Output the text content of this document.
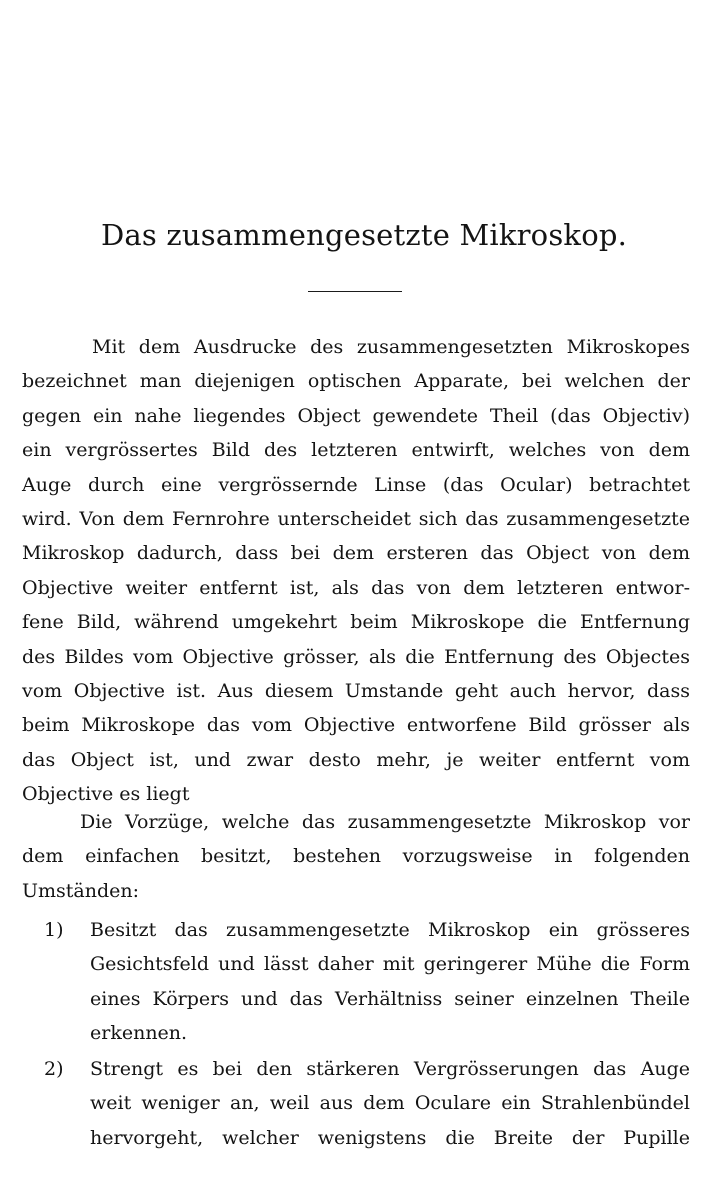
Das zusammengesetzte Mikroskop.
Mit dem Ausdrucke des zusammengesetzten Mikroskopes
bezeichnet man diejenigen optischen Apparate, bei welchen der
gegen ein nahe liegendes Object gewendete Theil (das Objectiv)
ein vergrössertes Bild des letzteren entwirft, welches von dem
Auge durch eine vergrössernde Linse (das Ocular) betrachtet
wird. Von dem Fernrohre unterscheidet sich das zusammengesetzte
Mikroskop dadurch, dass bei dem ersteren das Object von dem
Objective weiter entfernt ist, als das von dem letzteren entwor-
fene Bild, während umgekehrt beim Mikroskope die Entfernung
des Bildes vom Objective grösser, als die Entfernung des Objectes
vom Objective ist. Aus diesem Umstande geht auch hervor, dass
beim Mikroskope das vom Objective entworfene Bild grösser als
das Object ist, und zwar desto mehr, je weiter entfernt vom
Objective es liegt
Die Vorzüge, welche das zusammengesetzte Mikroskop vor
dem einfachen besitzt, bestehen vorzugsweise in folgenden
Umständen:
1)	Besitzt das zusammengesetzte Mikroskop ein grösseres
Gesichtsfeld und lässt daher mit geringerer Mühe die Form
eines Körpers und das Verhältniss seiner einzelnen Theile
erkennen.
2)	Strengt es bei den stärkeren Vergrösserungen das Auge
weit weniger an, weil aus dem Oculare ein Strahlenbündel
hervorgeht, welcher wenigstens die Breite der Pupille
